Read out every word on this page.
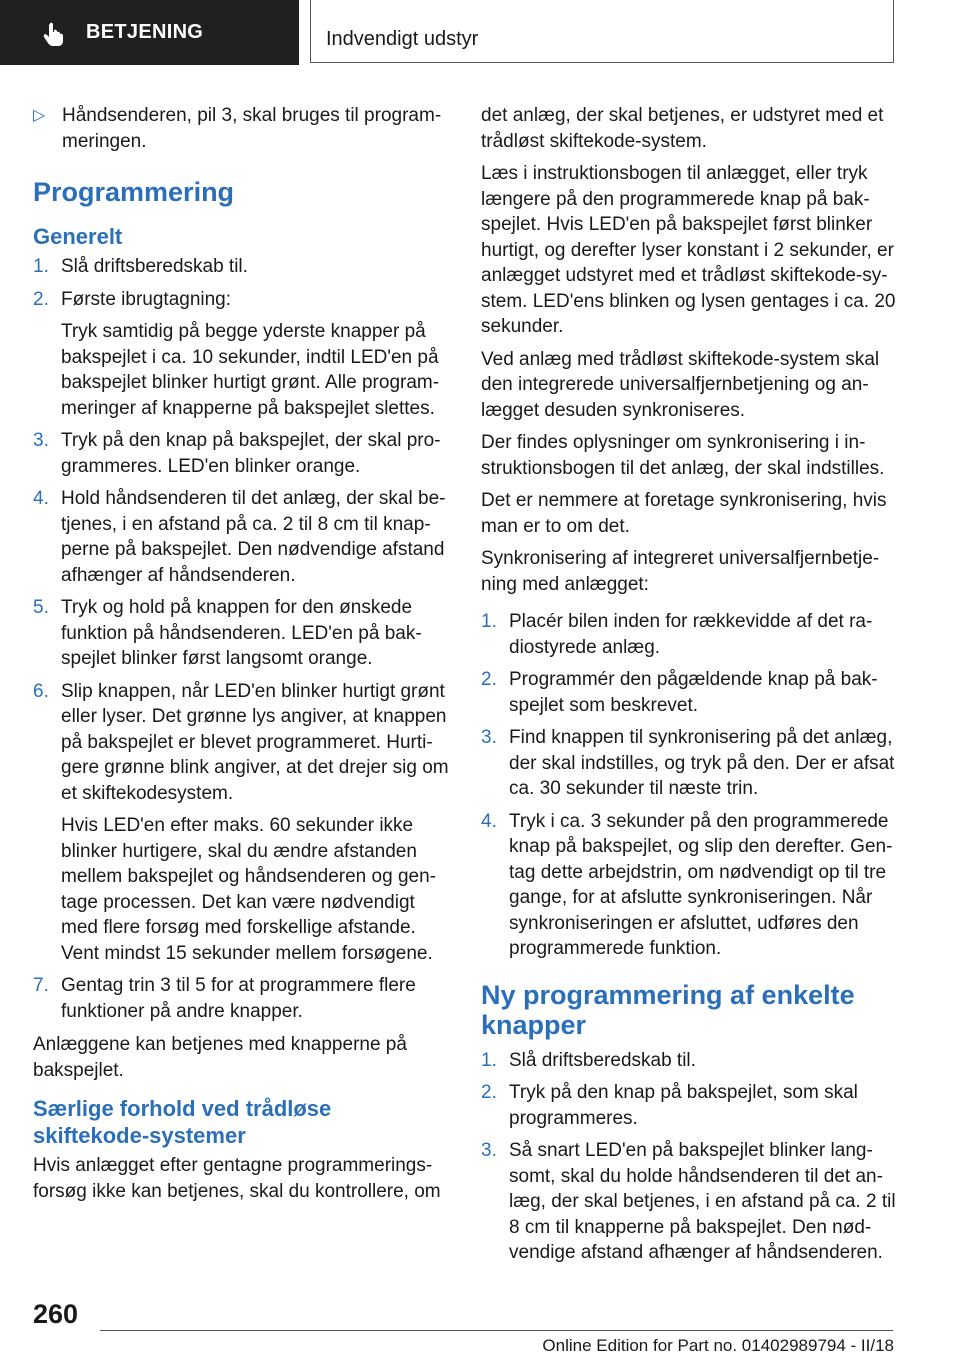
BETJENING	Indvendigt udstyr

▷ Håndsenderen, pil 3, skal bruges til programmeringen.

Programmering
Generelt
1. Slå driftsberedskab til.

2. Første ibrugtagning:

Tryk samtidig på begge yderste knapper på bakspejlet i ca. 10 sekunder, indtil LED'en på bakspejlet blinker hurtigt grønt. Alle programmeringer af knapperne på bakspejlet slettes.

3. Tryk på den knap på bakspejlet, der skal programmeres. LED'en blinker orange.

4. Hold håndsenderen til det anlæg, der skal betjenes, i en afstand på ca. 2 til 8 cm til knapperne på bakspejlet. Den nødvendige afstand afhænger af håndsenderen.

5. Tryk og hold på knappen for den ønskede funktion på håndsenderen. LED'en på bakspejlet blinker først langsomt orange.

6. Slip knappen, når LED'en blinker hurtigt grønt eller lyser. Det grønne lys angiver, at knappen på bakspejlet er blevet programmeret. Hurtigere grønne blink angiver, at det drejer sig om et skiftekodesystem.

Hvis LED'en efter maks. 60 sekunder ikke blinker hurtigere, skal du ændre afstanden mellem bakspejlet og håndsenderen og gentage processen. Det kan være nødvendigt med flere forsøg med forskellige afstande. Vent mindst 15 sekunder mellem forsøgene.

7. Gentag trin 3 til 5 for at programmere flere funktioner på andre knapper.

Anlæggene kan betjenes med knapperne på bakspejlet.

Særlige forhold ved trådløse skiftekode-systemer

Hvis anlægget efter gentagne programmeringsforsøg ikke kan betjenes, skal du kontrollere, om

det anlæg, der skal betjenes, er udstyret med et trådløst skiftekode-system.

Læs i instruktionsbogen til anlægget, eller tryk længere på den programmerede knap på bakspejlet. Hvis LED'en på bakspejlet først blinker hurtigt, og derefter lyser konstant i 2 sekunder, er anlægget udstyret med et trådløst skiftekode-system. LED'ens blinken og lysen gentages i ca. 20 sekunder.

Ved anlæg med trådløst skiftekode-system skal den integrerede universalfjernbetjening og anlægget desuden synkroniseres.

Der findes oplysninger om synkronisering i instruktionsbogen til det anlæg, der skal indstilles.

Det er nemmere at foretage synkronisering, hvis man er to om det.

Synkronisering af integreret universalfjernbetjening med anlægget:

1. Placér bilen inden for rækkevidde af det radiostyrede anlæg.

2. Programmér den pågældende knap på bakspejlet som beskrevet.

3. Find knappen til synkronisering på det anlæg, der skal indstilles, og tryk på den. Der er afsat ca. 30 sekunder til næste trin.

4. Tryk i ca. 3 sekunder på den programmerede knap på bakspejlet, og slip den derefter. Gentag dette arbejdstrin, om nødvendigt op til tre gange, for at afslutte synkroniseringen. Når synkroniseringen er afsluttet, udføres den programmerede funktion.

Ny programmering af enkelte knapper
1. Slå driftsberedskab til.

2. Tryk på den knap på bakspejlet, som skal programmeres.

3. Så snart LED'en på bakspejlet blinker langsomt, skal du holde håndsenderen til det anlæg, der skal betjenes, i en afstand på ca. 2 til 8 cm til knapperne på bakspejlet. Den nødvendige afstand afhænger af håndsenderen.

260
Online Edition for Part no. 01402989794 - II/18
